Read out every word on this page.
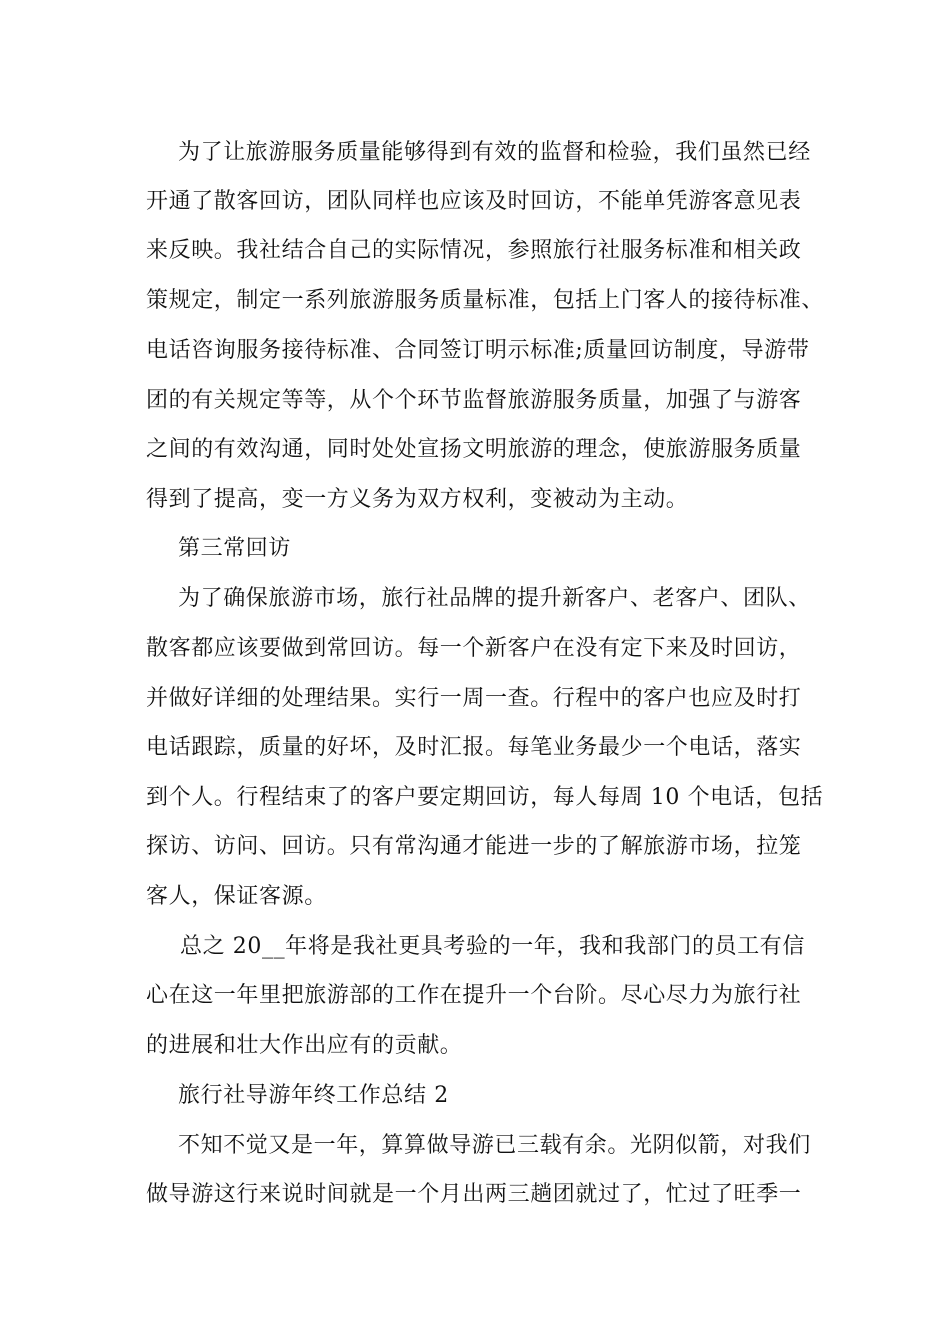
为了让旅游服务质量能够得到有效的监督和检验，我们虽然已经
开通了散客回访，团队同样也应该及时回访，不能单凭游客意见表
来反映。我社结合自己的实际情况，参照旅行社服务标准和相关政
策规定，制定一系列旅游服务质量标准，包括上门客人的接待标准、
电话咨询服务接待标准、合同签订明示标准;质量回访制度，导游带
团的有关规定等等，从个个环节监督旅游服务质量，加强了与游客
之间的有效沟通，同时处处宣扬文明旅游的理念，使旅游服务质量
得到了提高，变一方义务为双方权利，变被动为主动。
第三常回访
为了确保旅游市场，旅行社品牌的提升新客户、老客户、团队、
散客都应该要做到常回访。每一个新客户在没有定下来及时回访，
并做好详细的处理结果。实行一周一查。行程中的客户也应及时打
电话跟踪，质量的好坏，及时汇报。每笔业务最少一个电话，落实
到个人。行程结束了的客户要定期回访，每人每周 10 个电话，包括
探访、访问、回访。只有常沟通才能进一步的了解旅游市场，拉笼
客人，保证客源。
总之 20__年将是我社更具考验的一年，我和我部门的员工有信
心在这一年里把旅游部的工作在提升一个台阶。尽心尽力为旅行社
的进展和壮大作出应有的贡献。
旅行社导游年终工作总结 2
不知不觉又是一年，算算做导游已三载有余。光阴似箭，对我们
做导游这行来说时间就是一个月出两三趟团就过了，忙过了旺季一
